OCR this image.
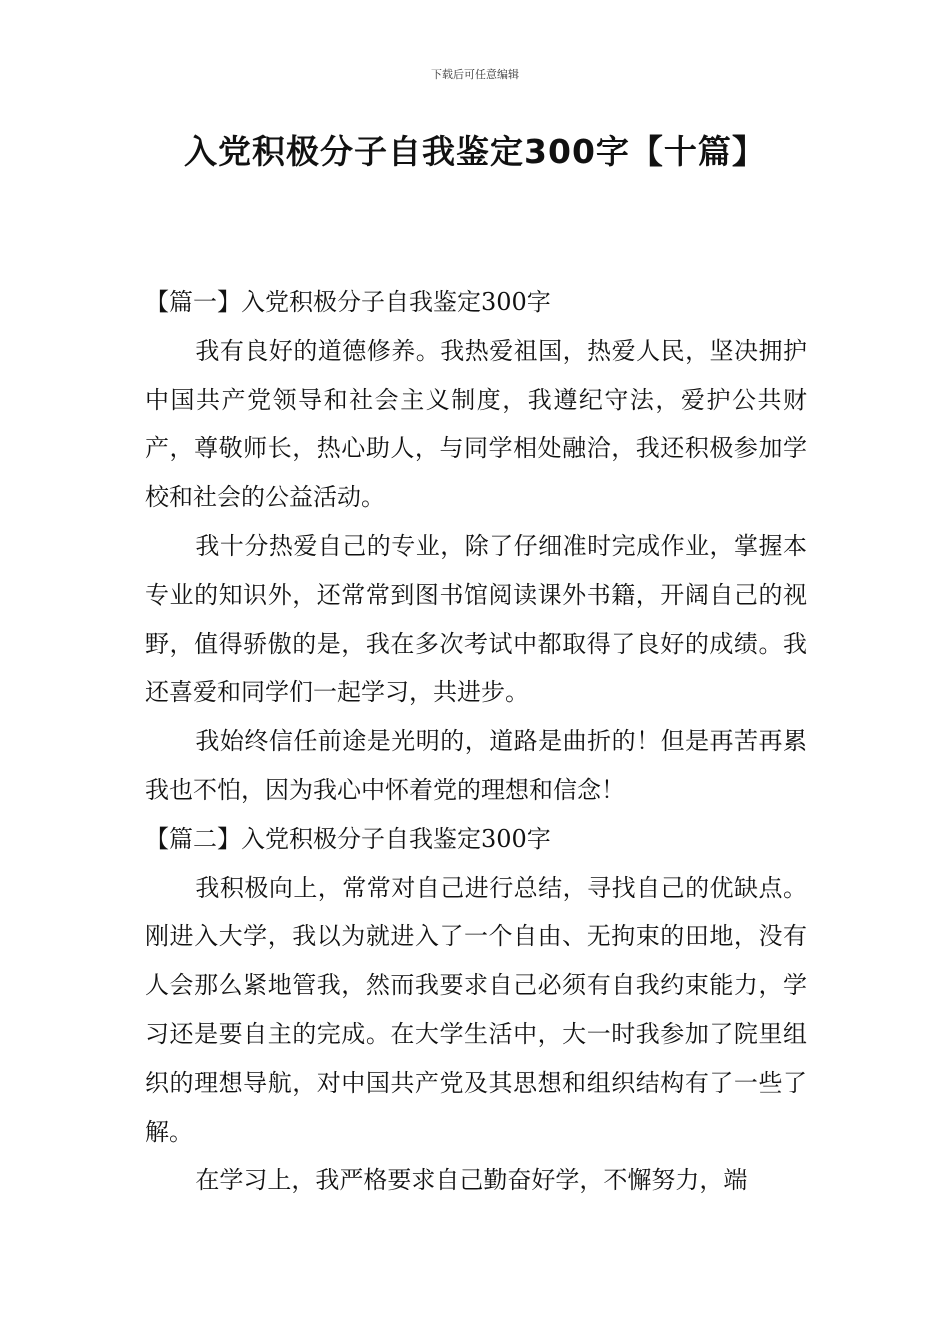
下载后可任意编辑
入党积极分子自我鉴定300字【十篇】
【篇一】入党积极分子自我鉴定300字

我有良好的道德修养。我热爱祖国，热爱人民，坚决拥护中国共产党领导和社会主义制度，我遵纪守法，爱护公共财产，尊敬师长，热心助人，与同学相处融洽，我还积极参加学校和社会的公益活动。

我十分热爱自己的专业，除了仔细准时完成作业，掌握本专业的知识外，还常常到图书馆阅读课外书籍，开阔自己的视野，值得骄傲的是，我在多次考试中都取得了良好的成绩。我还喜爱和同学们一起学习，共进步。

我始终信任前途是光明的，道路是曲折的！但是再苦再累我也不怕，因为我心中怀着党的理想和信念！

【篇二】入党积极分子自我鉴定300字

我积极向上，常常对自己进行总结，寻找自己的优缺点。刚进入大学，我以为就进入了一个自由、无拘束的田地，没有人会那么紧地管我，然而我要求自己必须有自我约束能力，学习还是要自主的完成。在大学生活中，大一时我参加了院里组织的理想导航，对中国共产党及其思想和组织结构有了一些了解。

在学习上，我严格要求自己勤奋好学，不懈努力，端
